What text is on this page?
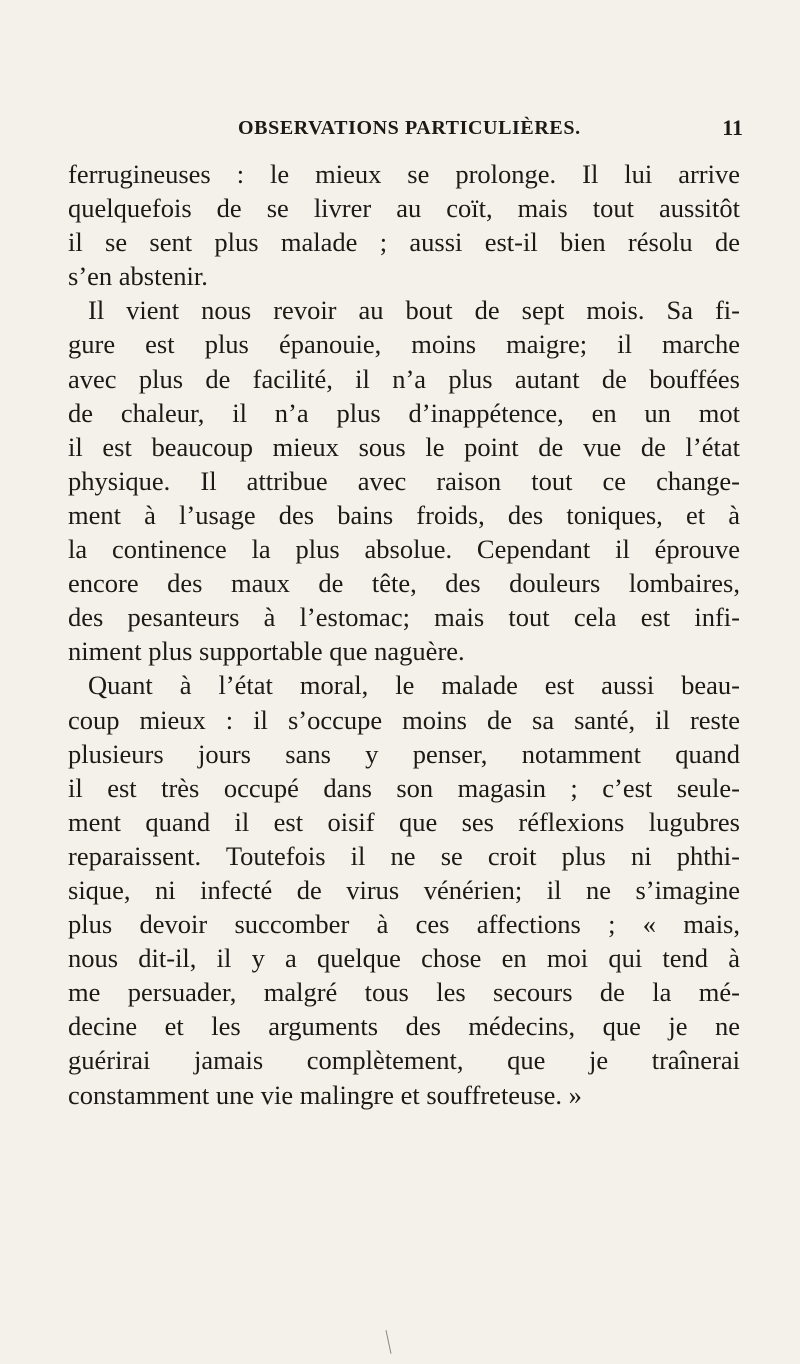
OBSERVATIONS PARTICULIÈRES.	11
ferrugineuses : le mieux se prolonge. Il lui arrive
quelquefois de se livrer au coït, mais tout aussitôt
il se sent plus malade ; aussi est-il bien résolu de
s’en abstenir.
Il vient nous revoir au bout de sept mois. Sa fi-
gure est plus épanouie, moins maigre; il marche
avec plus de facilité, il n’a plus autant de bouffées
de chaleur, il n’a plus d’inappétence, en un mot
il est beaucoup mieux sous le point de vue de l’état
physique. Il attribue avec raison tout ce change-
ment à l’usage des bains froids, des toniques, et à
la continence la plus absolue. Cependant il éprouve
encore des maux de tête, des douleurs lombaires,
des pesanteurs à l’estomac; mais tout cela est infi-
niment plus supportable que naguère.
Quant à l’état moral, le malade est aussi beau-
coup mieux : il s’occupe moins de sa santé, il reste
plusieurs jours sans y penser, notamment quand
il est très occupé dans son magasin ; c’est seule-
ment quand il est oisif que ses réflexions lugubres
reparaissent. Toutefois il ne se croit plus ni phthi-
sique, ni infecté de virus vénérien; il ne s’imagine
plus devoir succomber à ces affections ; « mais,
nous dit-il, il y a quelque chose en moi qui tend à
me persuader, malgré tous les secours de la mé-
decine et les arguments des médecins, que je ne
guérirai jamais complètement, que je traînerai
constamment une vie malingre et souffreteuse. »
